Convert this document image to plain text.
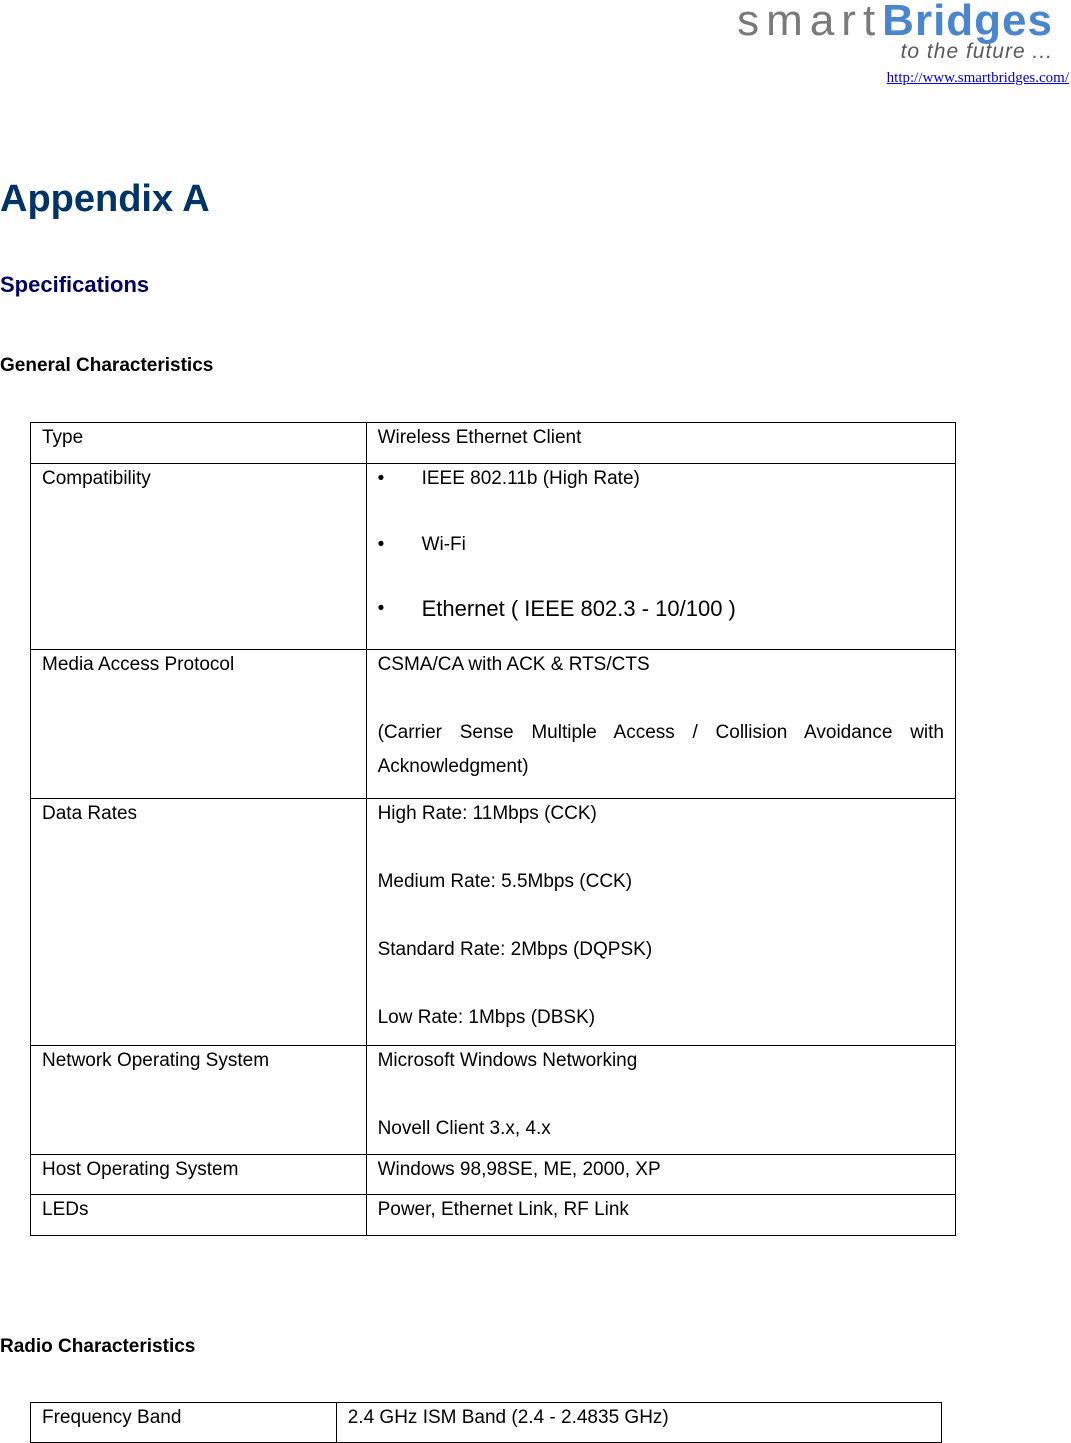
smartBridges
to the future ...
http://www.smartbridges.com/
Appendix A
Specifications
General Characteristics
Type	Wireless Ethernet Client
Compatibility	• IEEE 802.11b (High Rate)
• Wi-Fi
• Ethernet ( IEEE 802.3 - 10/100 )

Media Access Protocol	CSMA/CA with ACK & RTS/CTS
(Carrier Sense Multiple Access / Collision Avoidance with Acknowledgment)

Data Rates	High Rate: 11Mbps (CCK)
Medium Rate: 5.5Mbps (CCK)
Standard Rate: 2Mbps (DQPSK)
Low Rate: 1Mbps (DBSK)

Network Operating System	Microsoft Windows Networking
Novell Client 3.x, 4.x

Host Operating System	Windows 98,98SE, ME, 2000, XP
LEDs	Power, Ethernet Link, RF Link
Radio Characteristics
Frequency Band	2.4 GHz ISM Band (2.4 - 2.4835 GHz)
